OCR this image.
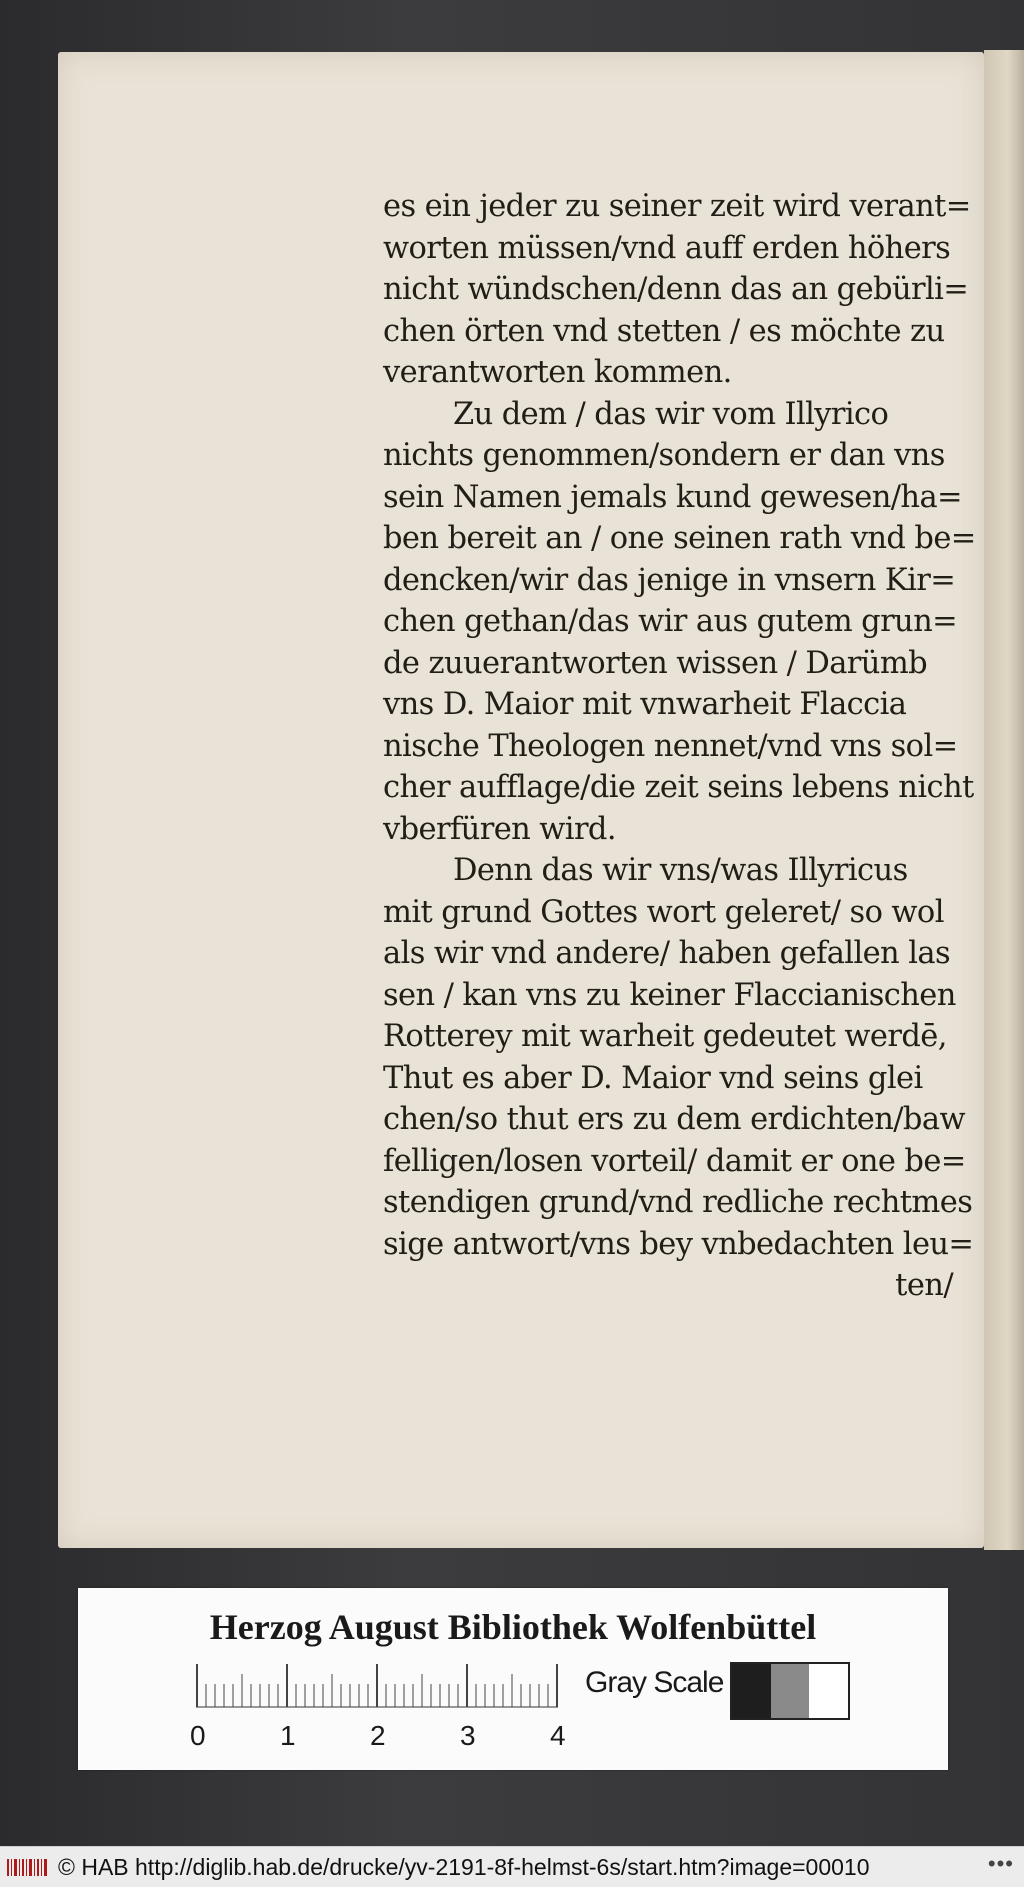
es ein jeder zu seiner zeit wird verant=
worten müssen/vnd auff erden höhers
nicht wündschen/denn das an gebürli=
chen örten vnd stetten / es möchte zu
verantworten kommen.
Zu dem / das wir vom Illyrico
nichts genommen/sondern er dan vns
sein Namen jemals kund gewesen/ha=
ben bereit an / one seinen rath vnd be=
dencken/wir das jenige in vnsern Kir=
chen gethan/das wir aus gutem grun=
de zuuerantworten wissen / Darümb
vns D. Maior mit vnwarheit Flaccia
nische Theologen nennet/vnd vns sol=
cher aufflage/die zeit seins lebens nicht
vberfüren wird.
Denn das wir vns/was Illyricus
mit grund Gottes wort geleret/ so wol
als wir vnd andere/ haben gefallen las
sen / kan vns zu keiner Flaccianischen
Rotterey mit warheit gedeutet werdē,
Thut es aber D. Maior vnd seins glei
chen/so thut ers zu dem erdichten/baw
felligen/losen vorteil/ damit er one be=
stendigen grund/vnd redliche rechtmes
sige antwort/vns bey vnbedachten leu=
ten/
Herzog August Bibliothek Wolfenbüttel
0	1	2	3	4
Gray Scale
© HAB http://diglib.hab.de/drucke/yv-2191-8f-helmst-6s/start.htm?image=00010	•••
